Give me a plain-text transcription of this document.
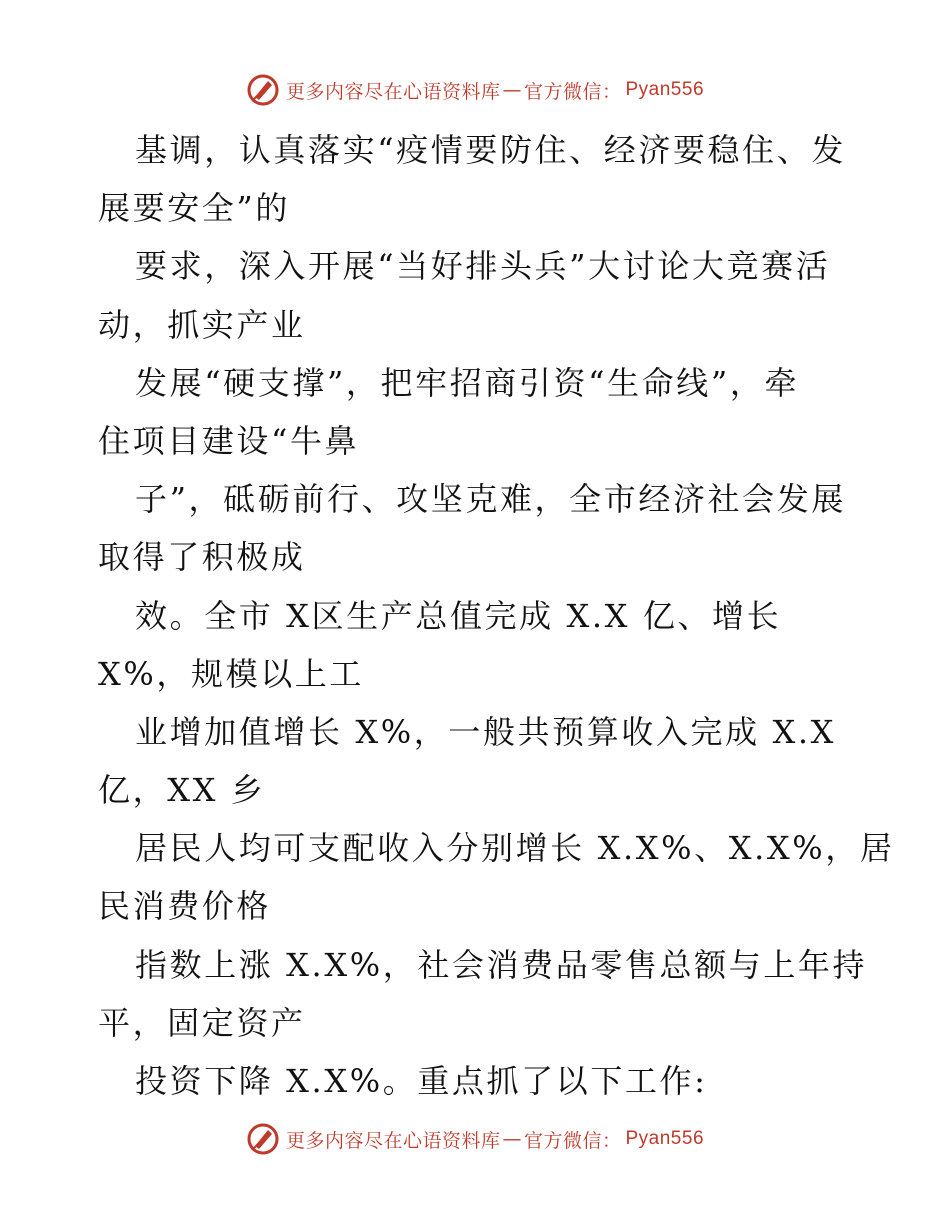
更多内容尽在心语资料库 — 官方微信： Pyan556
基调，认真落实“疫情要防住、经济要稳住、发
展要安全”的
要求，深入开展“当好排头兵”大讨论大竞赛活
动，抓实产业
发展“硬支撑”，把牢招商引资“生命线”，牵
住项目建设“牛鼻
子”，砥砺前行、攻坚克难，全市经济社会发展
取得了积极成
效。全市 X区生产总值完成 X.X 亿、增长
X%，规模以上工
业增加值增长 X%，一般共预算收入完成 X.X
亿，XX 乡
居民人均可支配收入分别增长 X.X%、X.X%，居
民消费价格
指数上涨 X.X%，社会消费品零售总额与上年持
平，固定资产
投资下降 X.X%。重点抓了以下工作:
更多内容尽在心语资料库 — 官方微信： Pyan556
